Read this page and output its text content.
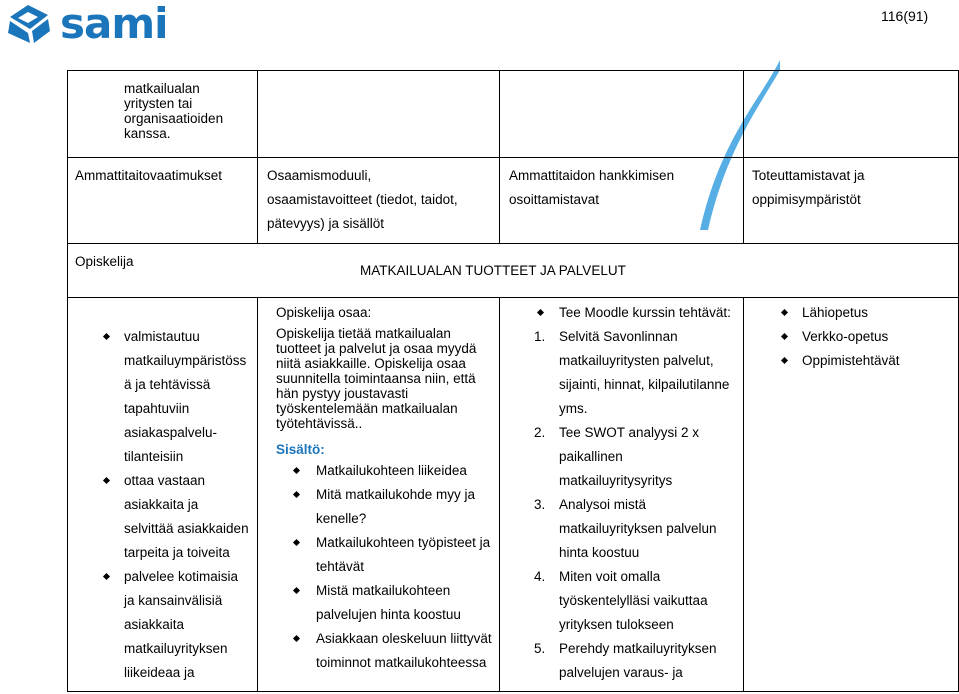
sami	116(91)
matkailualan
yritysten tai
organisaatioiden
kanssa.
Ammattitaitovaatimukset	Osaamismoduuli,
osaamistavoitteet (tiedot, taidot,
pätevyys) ja sisällöt
Ammattitaidon hankkimisen
osoittamistavat
Toteuttamistavat ja
oppimisympäristöt
Opiskelija
MATKAILUALAN TUOTTEET JA PALVELUT
valmistautuu
matkailuympäristöss
ä ja tehtävissä
tapahtuviin
asiakaspalvelu-
tilanteisiin
ottaa vastaan
asiakkaita ja
selvittää asiakkaiden
tarpeita ja toiveita
palvelee kotimaisia
ja kansainvälisiä
asiakkaita
matkailuyrityksen
liikeideaa ja
Opiskelija osaa:
Opiskelija tietää matkailualan
tuotteet ja palvelut ja osaa myydä
niitä asiakkaille. Opiskelija osaa
suunnitella toimintaansa niin, että
hän pystyy joustavasti
työskentelemään matkailualan
työtehtävissä..
Sisältö:
Matkailukohteen liikeidea
Mitä matkailukohde myy ja
kenelle?
Matkailukohteen työpisteet ja
tehtävät
Mistä matkailukohteen
palvelujen hinta koostuu
Asiakkaan oleskeluun liittyvät
toiminnot matkailukohteessa
Tee Moodle kurssin tehtävät:
1. Selvitä Savonlinnan
matkailuyritysten palvelut,
sijainti, hinnat, kilpailutilanne
yms.
2. Tee SWOT analyysi 2 x
paikallinen
matkailuyritysyritys
3. Analysoi mistä
matkailuyrityksen palvelun
hinta koostuu
4. Miten voit omalla
työskentelylläsi vaikuttaa
yrityksen tulokseen
5. Perehdy matkailuyrityksen
palvelujen varaus- ja
Lähiopetus
Verkko-opetus
Oppimistehtävät
